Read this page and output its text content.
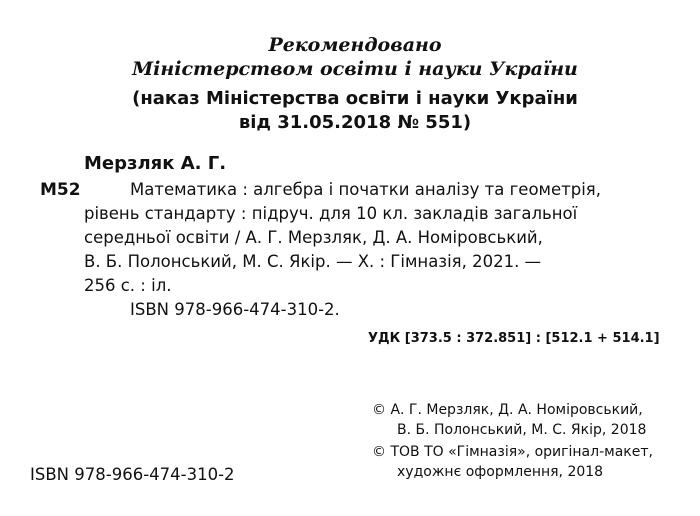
Рекомендовано
Міністерством освіти і науки України
(наказ Міністерства освіти і науки України
від 31.05.2018 № 551)
Мерзляк А. Г.
М52	Математика : алгебра і початки аналізу та геометрія,
рівень стандарту : підруч. для 10 кл. закладів загальної
середньої освіти / А. Г. Мерзляк, Д. А. Номіровський,
В. Б. Полонський, М. С. Якір. — Х. : Гімназія, 2021. —
256 с. : іл.
ISBN 978-966-474-310-2.
УДК [373.5 : 372.851] : [512.1 + 514.1]
© А. Г. Мерзляк, Д. А. Номіровський,
В. Б. Полонський, М. С. Якір, 2018
© ТОВ ТО «Гімназія», оригінал-макет,
художнє оформлення, 2018
ISBN 978-966-474-310-2
